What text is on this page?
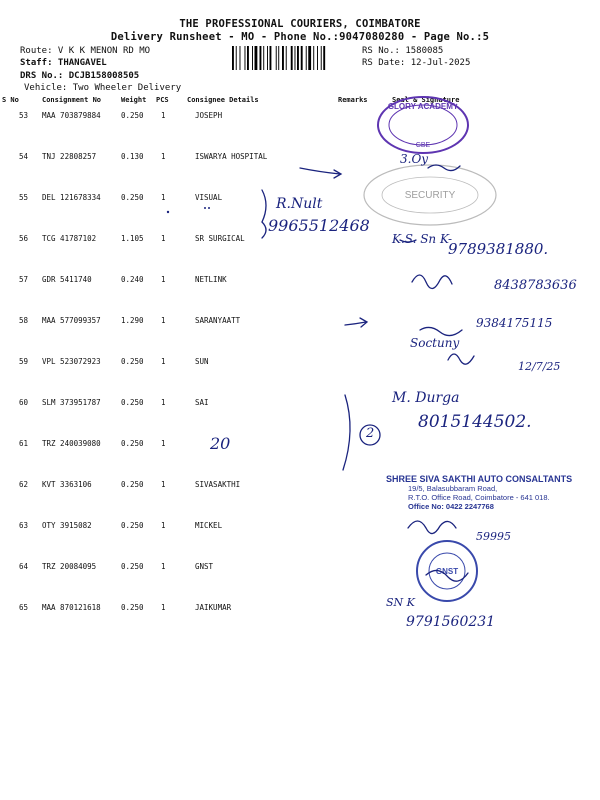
THE PROFESSIONAL COURIERS, COIMBATORE
Delivery Runsheet - MO - Phone No.:9047080280 - Page No.:5
Route: V K K MENON RD MO
Staff: THANGAVEL
DRS No.: DCJB158008505
Vehicle: Two Wheeler Delivery
RS No.: 1580085
RS Date: 12-Jul-2025
S No	Consignment No	Weight PCS	Consignee Details	Remarks	Seal & Signature
53 MAA 703879884	0.250 1	JOSEPH
54 TNJ 22808257	0.130 1	ISWARYA HOSPITAL
55 DEL 121678334	0.250 1	VISUAL
56 TCG 41787102	1.105 1	SR SURGICAL
57 GDR 5411740	0.240 1	NETLINK
58 MAA 577099357	1.290 1	SARANYAATT
59 VPL 523072923	0.250 1	SUN
60 SLM 373951787	0.250 1	SAI
61 TRZ 240039080	0.250 1
62 KVT 3363106	0.250 1	SIVASAKTHI
63 OTY 3915082	0.250 1	MICKEL
64 TRZ 20084095	0.250 1	GNST
65 MAA 870121618	0.250 1	JAIKUMAR
GLORY ACADEMY
CBE
SECURITY
SHREE SIVA SAKTHI AUTO CONSALTANTS
19/5, Balasubbaram Road,
R.T.O. Office Road, Coimbatore - 641 018.
Office No: 0422 2247768
GNST
R.Nult
9965512468
K.S. Sn K-
9789381880.
8438783636
9384175115
Soctuny
12/7/25
M. Durga
8015144502.
20
2
3.Oy
59995
9791560231
SN K
